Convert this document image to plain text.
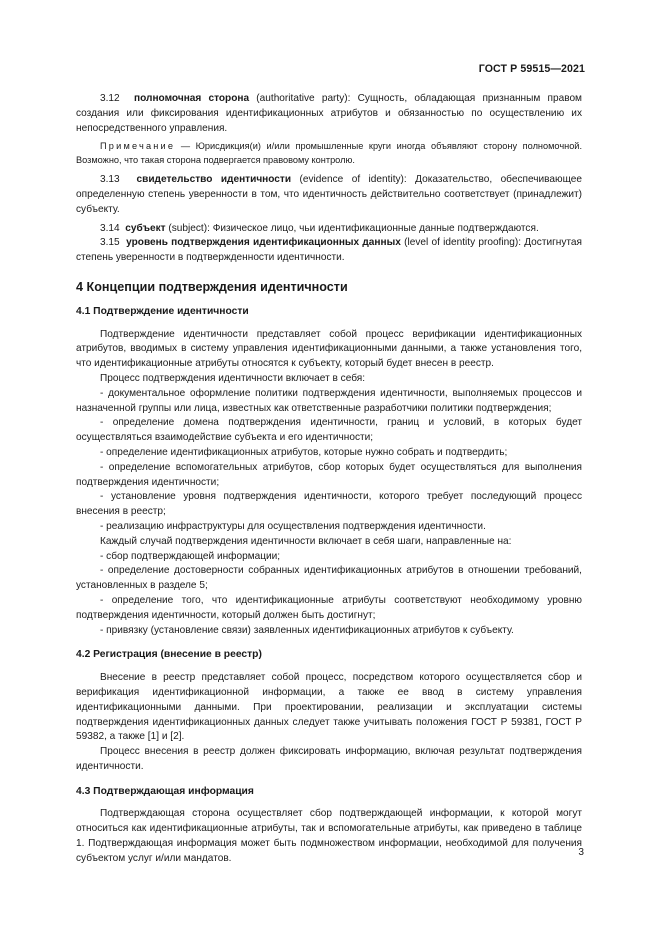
ГОСТ Р 59515—2021

3.12 полномочная сторона (authoritative party): Сущность, обладающая признанным правом создания или фиксирования идентификационных атрибутов и обязанностью по осуществлению их непосредственного управления.

Примечание — Юрисдикция(и) и/или промышленные круги иногда объявляют сторону полномочной. Возможно, что такая сторона подвергается правовому контролю.

3.13 свидетельство идентичности (evidence of identity): Доказательство, обеспечивающее определенную степень уверенности в том, что идентичность действительно соответствует (принадлежит) субъекту.

3.14 субъект (subject): Физическое лицо, чьи идентификационные данные подтверждаются.

3.15 уровень подтверждения идентификационных данных (level of identity proofing): Достигнутая степень уверенности в подтвержденности идентичности.

4 Концепции подтверждения идентичности
4.1 Подтверждение идентичности

Подтверждение идентичности представляет собой процесс верификации идентификационных атрибутов, вводимых в систему управления идентификационными данными, а также установления того, что идентификационные атрибуты относятся к субъекту, который будет внесен в реестр.

Процесс подтверждения идентичности включает в себя:

- документальное оформление политики подтверждения идентичности, выполняемых процессов и назначенной группы или лица, известных как ответственные разработчики политики подтверждения;

- определение домена подтверждения идентичности, границ и условий, в которых будет осуществляться взаимодействие субъекта и его идентичности;

- определение идентификационных атрибутов, которые нужно собрать и подтвердить;

- определение вспомогательных атрибутов, сбор которых будет осуществляться для выполнения подтверждения идентичности;

- установление уровня подтверждения идентичности, которого требует последующий процесс внесения в реестр;

- реализацию инфраструктуры для осуществления подтверждения идентичности.

Каждый случай подтверждения идентичности включает в себя шаги, направленные на:

- сбор подтверждающей информации;

- определение достоверности собранных идентификационных атрибутов в отношении требований, установленных в разделе 5;

- определение того, что идентификационные атрибуты соответствуют необходимому уровню подтверждения идентичности, который должен быть достигнут;

- привязку (установление связи) заявленных идентификационных атрибутов к субъекту.

4.2 Регистрация (внесение в реестр)

Внесение в реестр представляет собой процесс, посредством которого осуществляется сбор и верификация идентификационной информации, а также ее ввод в систему управления идентификационными данными. При проектировании, реализации и эксплуатации системы подтверждения идентификационных данных следует также учитывать положения ГОСТ Р 59381, ГОСТ Р 59382, а также [1] и [2].

Процесс внесения в реестр должен фиксировать информацию, включая результат подтверждения идентичности.

4.3 Подтверждающая информация

Подтверждающая сторона осуществляет сбор подтверждающей информации, к которой могут относиться как идентификационные атрибуты, так и вспомогательные атрибуты, как приведено в таблице 1. Подтверждающая информация может быть подмножеством информации, необходимой для получения субъектом услуг и/или мандатов.

3
